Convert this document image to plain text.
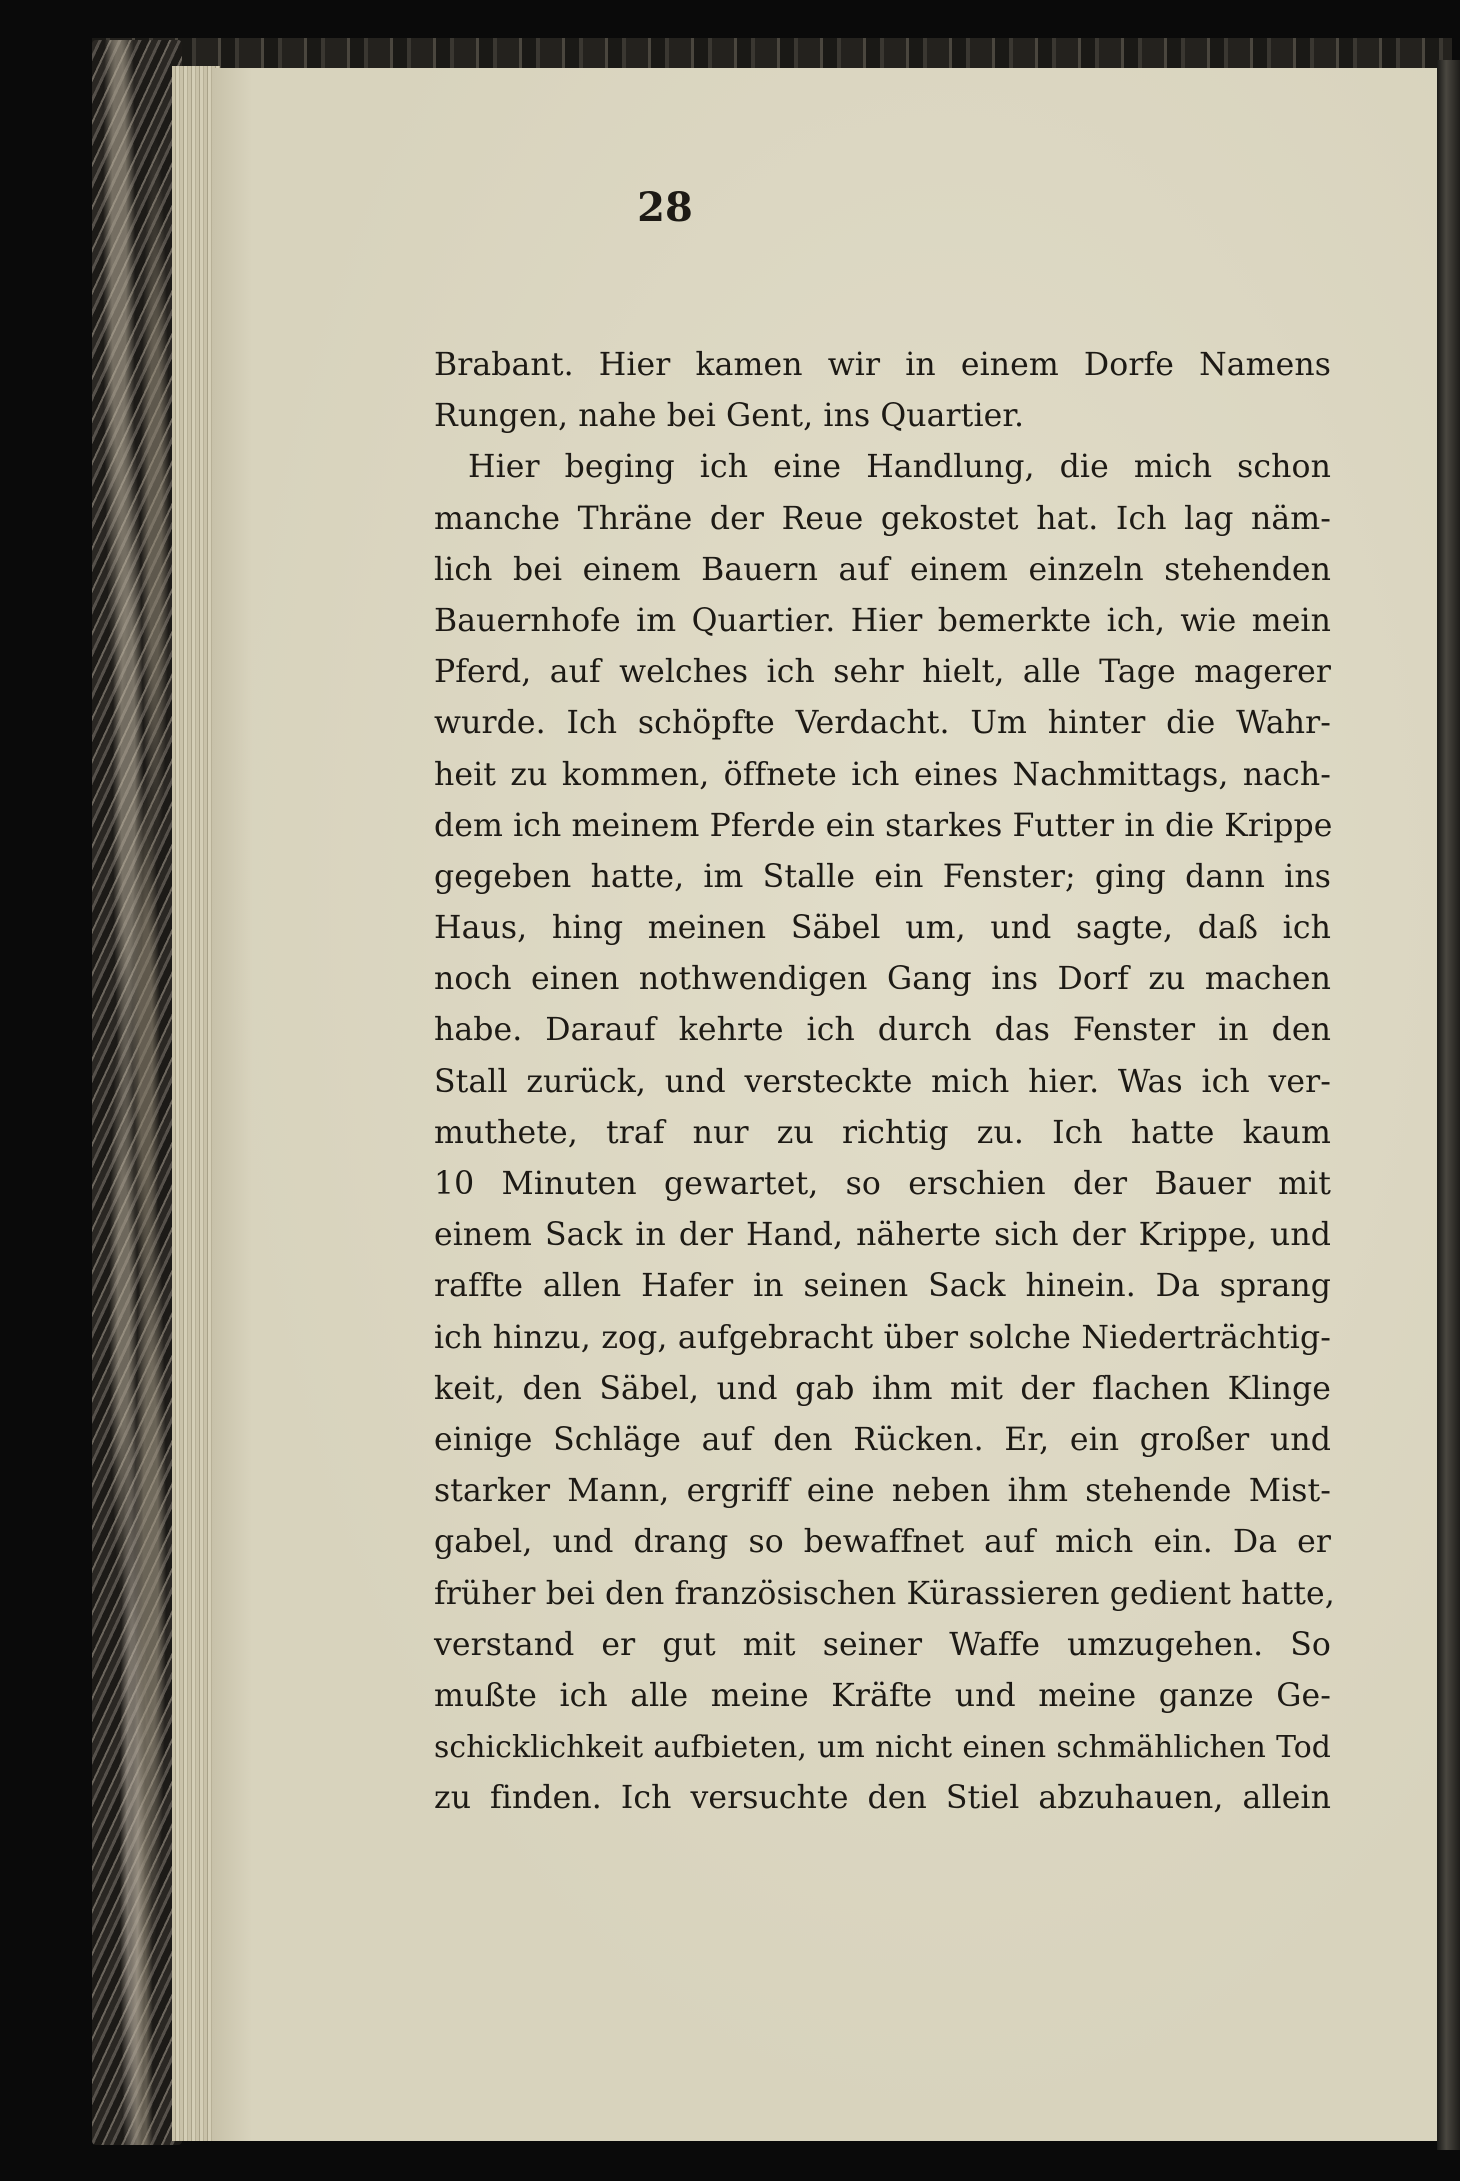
28

Brabant. Hier kamen wir in einem Dorfe Namens
Rungen, nahe bei Gent, ins Quartier.
Hier beging ich eine Handlung, die mich schon
manche Thräne der Reue gekostet hat. Ich lag näm-
lich bei einem Bauern auf einem einzeln stehenden
Bauernhofe im Quartier. Hier bemerkte ich, wie mein
Pferd, auf welches ich sehr hielt, alle Tage magerer
wurde. Ich schöpfte Verdacht. Um hinter die Wahr-
heit zu kommen, öffnete ich eines Nachmittags, nach-
dem ich meinem Pferde ein starkes Futter in die Krippe
gegeben hatte, im Stalle ein Fenster; ging dann ins
Haus, hing meinen Säbel um, und sagte, daß ich
noch einen nothwendigen Gang ins Dorf zu machen
habe. Darauf kehrte ich durch das Fenster in den
Stall zurück, und versteckte mich hier. Was ich ver-
muthete, traf nur zu richtig zu. Ich hatte kaum
10 Minuten gewartet, so erschien der Bauer mit
einem Sack in der Hand, näherte sich der Krippe, und
raffte allen Hafer in seinen Sack hinein. Da sprang
ich hinzu, zog, aufgebracht über solche Niederträchtig-
keit, den Säbel, und gab ihm mit der flachen Klinge
einige Schläge auf den Rücken. Er, ein großer und
starker Mann, ergriff eine neben ihm stehende Mist-
gabel, und drang so bewaffnet auf mich ein. Da er
früher bei den französischen Kürassieren gedient hatte,
verstand er gut mit seiner Waffe umzugehen. So
mußte ich alle meine Kräfte und meine ganze Ge-
schicklichkeit aufbieten, um nicht einen schmählichen Tod
zu finden. Ich versuchte den Stiel abzuhauen, allein
